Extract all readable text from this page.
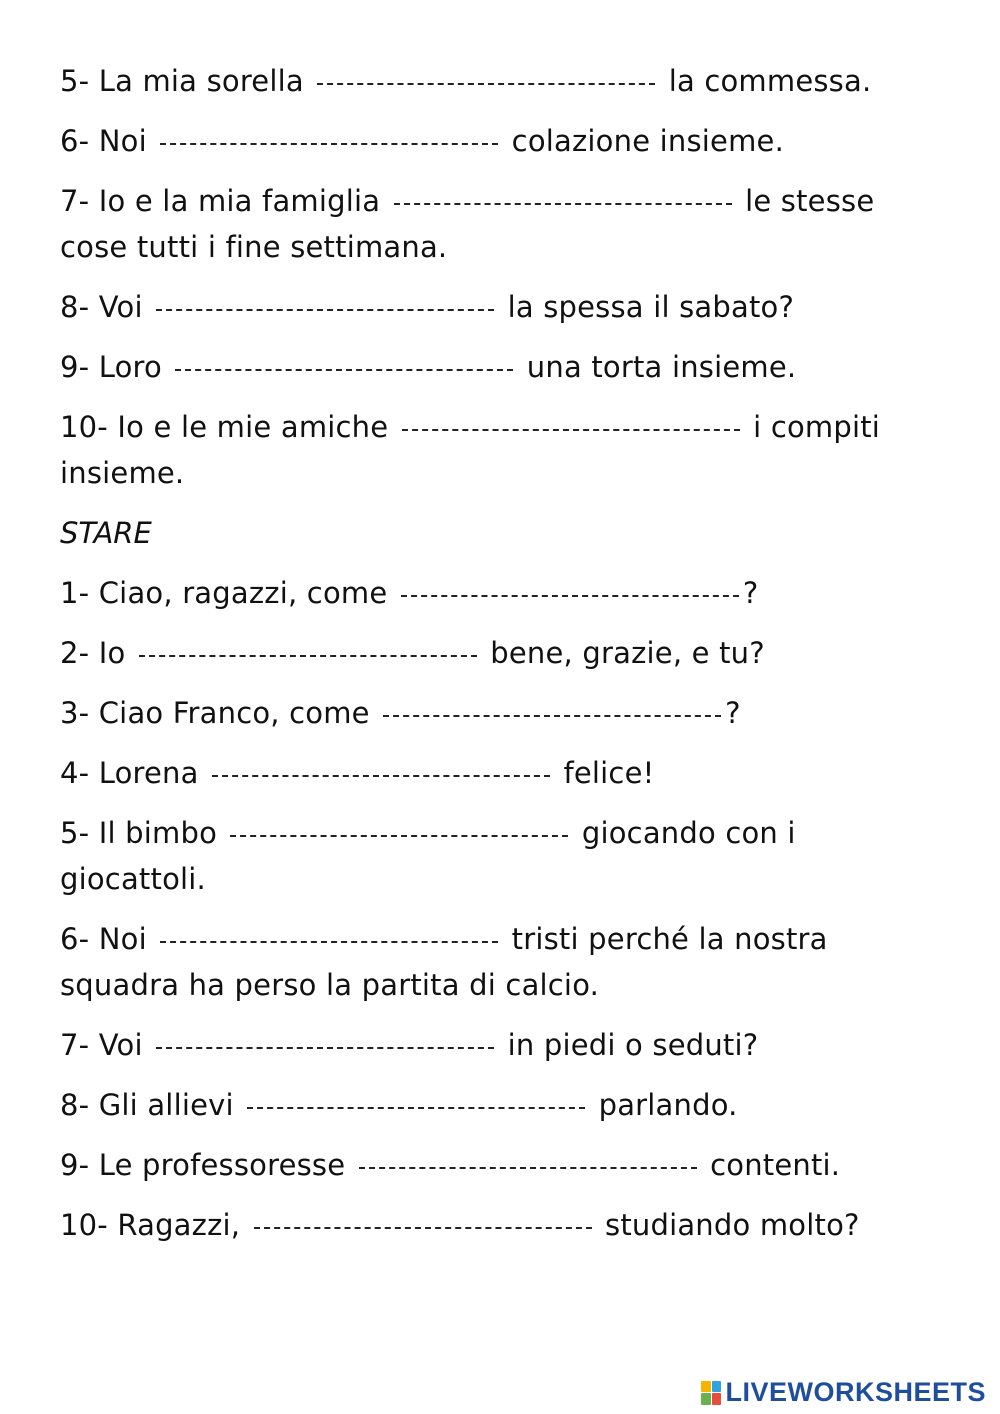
5- La mia sorella	la commessa.

6- Noi	colazione insieme.

7- Io e la mia famiglia	le stesse cose tutti i fine settimana.

8- Voi	la spessa il sabato?

9- Loro	una torta insieme.

10- Io e le mie amiche	i compiti insieme.

STARE

1- Ciao, ragazzi, come	?

2- Io	bene, grazie, e tu?

3- Ciao Franco, come	?

4- Lorena	felice!

5- Il bimbo	giocando con i giocattoli.

6- Noi	tristi perché la nostra squadra ha perso la partita di calcio.

7- Voi	in piedi o seduti?

8- Gli allievi	parlando.

9- Le professoresse	contenti.

10- Ragazzi,	studiando molto?

LIVEWORKSHEETS
